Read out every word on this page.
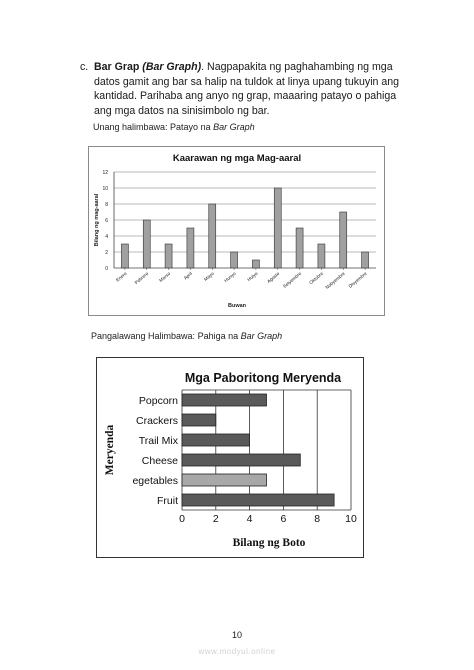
c. Bar Grap (Bar Graph). Nagpapakita ng paghahambing ng mga datos gamit ang bar sa halip na tuldok at linya upang tukuyin ang kantidad. Parihaba ang anyo ng grap, maaaring patayo o pahiga ang mga datos na sinisimbolo ng bar.
Unang halimbawa: Patayo na Bar Graph
Kaarawan ng mga Mag-aaral
0
2
4
6
8
10
12
Enero Pebrero Marso	April Mayo Hunyo Hulyo Agosto Setyembre Oktubre Nobyembre Disyembre
Buwan
Bilang ng mag-aaral
Pangalawang Halimbawa: Pahiga na Bar Graph
Mga Paboritong Meryenda
0	2	4	6	8 10
Popcorn
Crackers
Trail Mix
Cheese
egetables
Fruit
Bilang ng Boto
Meryenda
10
www.modyul.online
